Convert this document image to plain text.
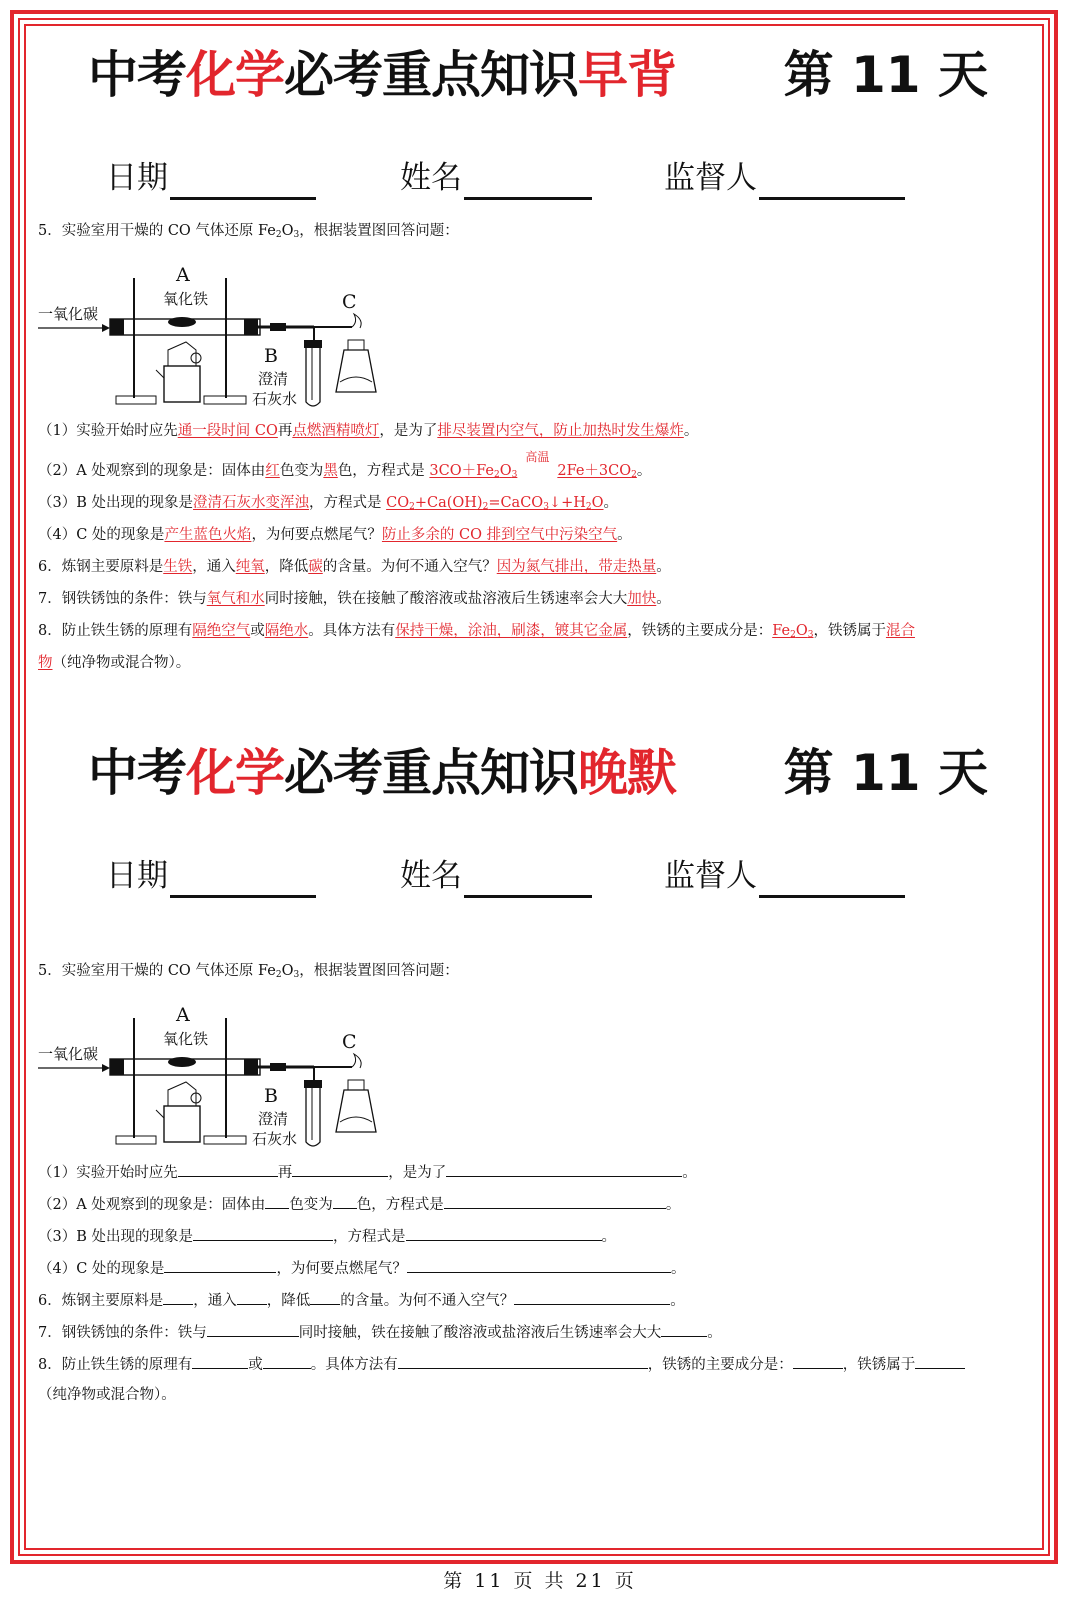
中考化学必考重点知识早背 第 11 天
日期	姓名	监督人
5．实验室用干燥的 CO 气体还原 $Fe_2O_3$，根据装置图回答问题：
一氧化碳
A
氧化铁
B
澄清
石灰水
C
（1）实验开始时应先通一段时间 CO再点燃酒精喷灯，是为了排尽装置内空气，防止加热时发生爆炸。
（2）A 处观察到的现象是：固体由红色变为黑色，方程式是 $3CO+Fe_2O_3$
高温
 $2Fe+3CO_2$。
（3）B 处出现的现象是澄清石灰水变浑浊，方程式是 $CO_2+Ca(OH)_2=CaCO_3↓+H_2O$。
（4）C 处的现象是产生蓝色火焰，为何要点燃尾气？防止多余的 CO 排到空气中污染空气。
6．炼钢主要原料是生铁，通入纯氧，降低碳的含量。为何不通入空气？因为氮气排出，带走热量。
7．钢铁锈蚀的条件：铁与氧气和水同时接触，铁在接触了酸溶液或盐溶液后生锈速率会大大加快。
8．防止铁生锈的原理有隔绝空气或隔绝水。具体方法有保持干燥，涂油，刷漆，镀其它金属，铁锈的主要成分是：$Fe_2O_3$，铁锈属于混合
物（纯净物或混合物）。
中考化学必考重点知识晚默 第 11 天
日期	姓名	监督人
5．实验室用干燥的 CO 气体还原 $Fe_2O_3$，根据装置图回答问题：
一氧化碳
A
氧化铁
B
澄清
石灰水
C
（1）实验开始时应先	再	，是为了	。
（2）A 处观察到的现象是：固体由 色变为 色，方程式是	。
（3）B 处出现的现象是	，方程式是	。
（4）C 处的现象是	，为何要点燃尾气？	。
6．炼钢主要原料是 ，通入 ，降低 的含量。为何不通入空气？	。
7．钢铁锈蚀的条件：铁与	同时接触，铁在接触了酸溶液或盐溶液后生锈速率会大大	。
8．防止铁生锈的原理有	或	。具体方法有	，铁锈的主要成分是：	，铁锈属于
（纯净物或混合物）。
第 11 页 共 21 页
